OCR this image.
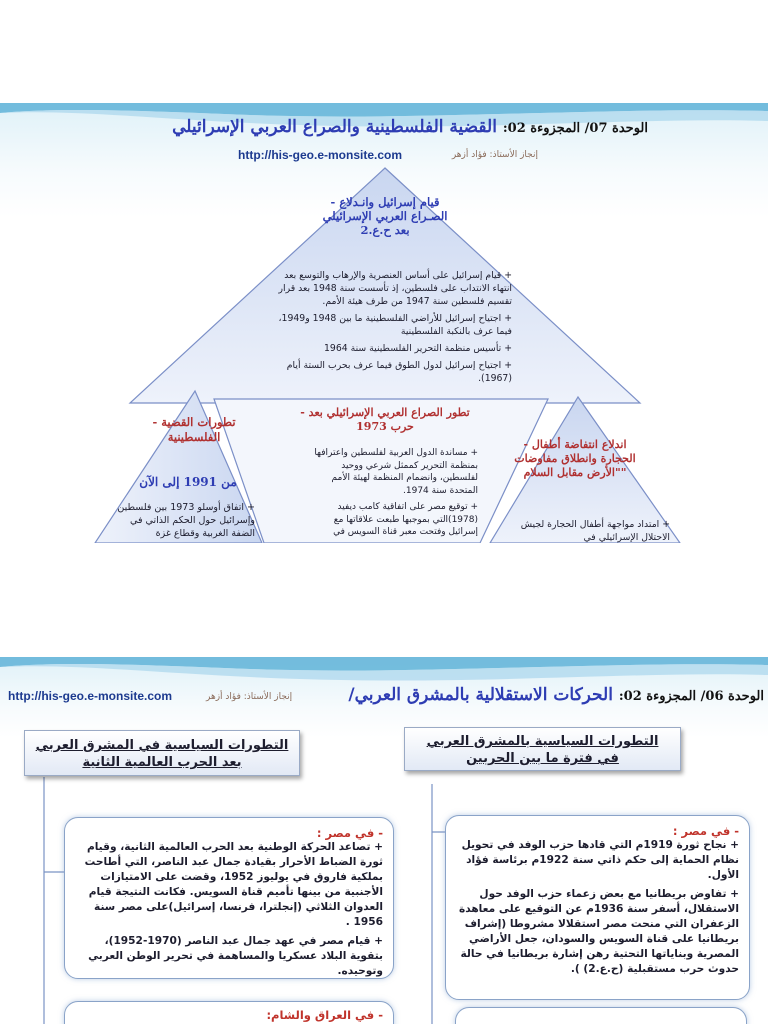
الوحدة 07/ المجزوءة 02: القضية الفلسطينية والصراع العربي الإسرائيلي
http://his-geo.e-monsite.com	إنجاز الأستاذ: فؤاد أزهر
- قيام إسرائيل وانـدلاع الصـراع العربي الإسرائيلي بعد ح.ع.2

+ قيام إسرائيل على أساس العنصرية والإرهاب والتوسع بعد انتهاء الانتداب على فلسطين، إذ تأسست سنة 1948 بعد قرار تقسيم فلسطين سنة 1947 من طرف هيئة الأمم.

+ اجتياح إسرائيل للأراضي الفلسطينية ما بين 1948 و1949، فيما عرف بالنكبة الفلسطينية

+ تأسيس منظمة التحرير الفلسطينية سنة 1964

+ اجتياح إسرائيل لدول الطوق فيما عرف بحرب الستة أيام (1967).

- تطور الصراع العربي الإسرائيلي بعد حرب 1973

+ مساندة الدول العربية لفلسطين واعترافها بمنظمة التحرير كممثل شرعي ووحيد لفلسطين، وانضمام المنظمة لهيئة الأمم المتحدة سنة 1974.

+ توقيع مصر على اتفاقية كامب ديفيد (1978)التي بموجبها طبعت علاقاتها مع إسرائيل وفتحت معبر قناة السويس في

- تطورات القضية الفلسطينية
من 1991 إلى الآن

+ اتفاق أوسلو 1973 بين فلسطين وإسرائيل حول الحكم الذاتي في الضفة الغربية وقطاع غزة

- اندلاع انتفاضة أطفال الحجارة وانطلاق مفاوضات "الأرض مقابل السلام"

+ امتداد مواجهة أطفال الحجارة لجيش الاحتلال الإسرائيلي في

http://his-geo.e-monsite.com	إنجاز الأستاذ: فؤاد أزهر	الوحدة 06/ المجزوءة 02: الحركات الاستقلالية بالمشرق العربي/
التطورات السياسية بالمشرق العربي
في فترة ما بين الحربين
التطورات السياسية في المشرق العربي
بعد الحرب العالمية الثانية
- في مصر :

+ نجاح ثورة 1919م التي قادها حزب الوفد في تحويل نظام الحماية إلى حكم ذاتي سنة 1922م برئاسة فؤاد الأول.

+ تفاوض بريطانيا مع بعض زعماء حزب الوفد حول الاستقلال، أسفر سنة 1936م عن التوقيع على معاهدة الزعفران التي منحت مصر استقلالا مشروطا (إشراف بريطانيا على قناة السويس والسودان، جعل الأراضي المصرية وبناياتها التحتية رهن إشارة بريطانيا في حالة حدوث حرب مستقبلية (ح.ع.2) ).

- في مصر :

+ تصاعد الحركة الوطنية بعد الحرب العالمية الثانية، وقيام ثورة الضباط الأحرار بقيادة جمال عبد الناصر، التي أطاحت بملكية فاروق في يوليوز 1952، وقضت على الامتيازات الأجنبية من بينها تأميم قناة السويس. فكانت النتيجة قيام العدوان الثلاثي (إنجلترا، فرنسا، إسرائيل)على مصر سنة 1956 .

+ قيام مصر في عهد جمال عبد الناصر (1970-1952)، بتقوية البلاد عسكريا والمساهمة في تحرير الوطن العربي وتوحيده.

- في العراق والشام:
